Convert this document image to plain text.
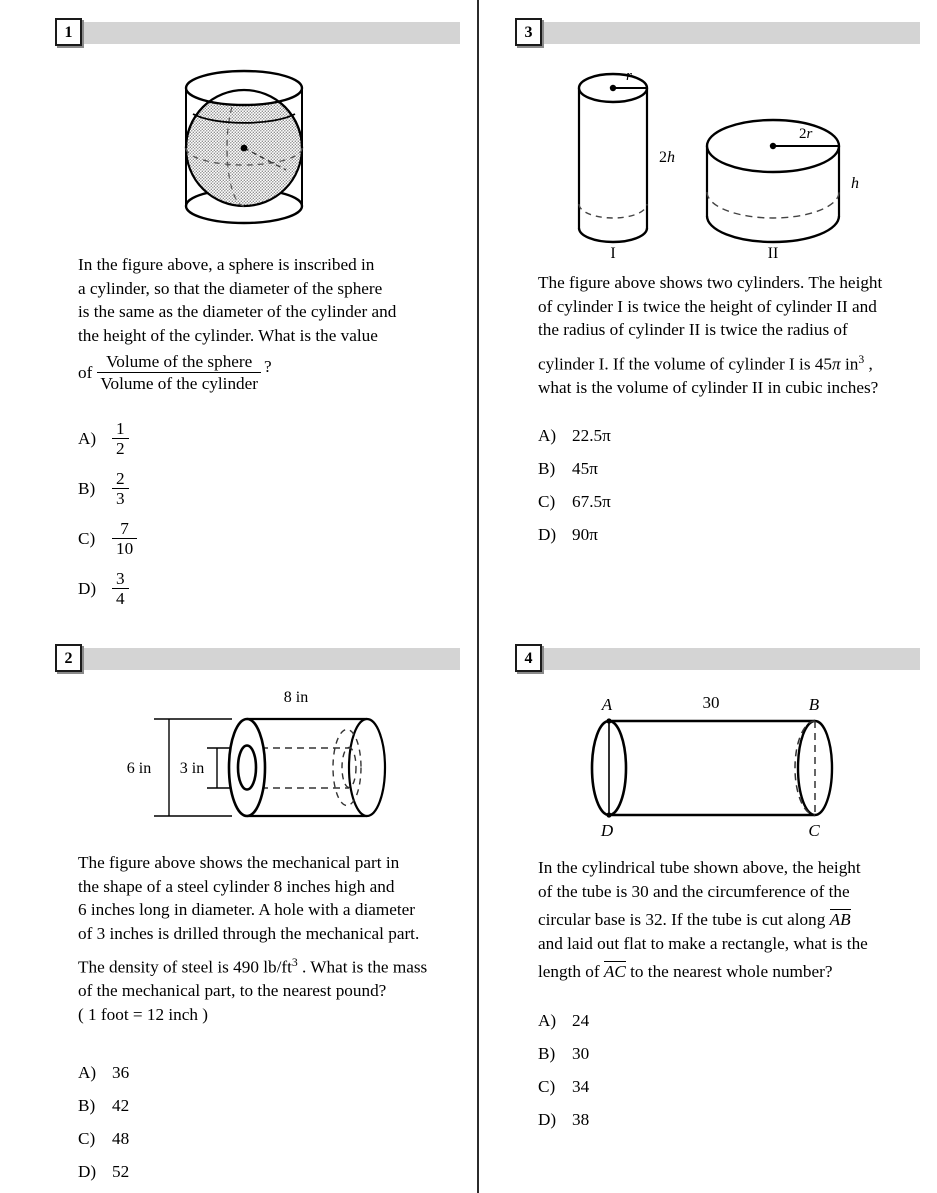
1

In the figure above, a sphere is inscribed in

a cylinder, so that the diameter of the sphere

is the same as the diameter of the cylinder and

the height of the cylinder. What is the value

of $\frac{\text{Volume of the sphere}}{\text{Volume of the cylinder}}$ ?
$A) \frac{1}{2}$
$B) \frac{2}{3}$
$C) \frac{7}{10}$
$D) \frac{3}{4}$
2
8 in
6 in 3 in

The figure above shows the mechanical part in

the shape of a steel cylinder 8 inches high and

6 inches long in diameter. A hole with a diameter

of 3 inches is drilled through the mechanical part.

The density of steel is 490 $lb/ft^3$ . What is the mass

of the mechanical part, to the nearest pound?

( 1 foot = 12 inch )

A) 36
B) 42
C) 48
D) 52
3
r
2h
I
2r
h
II

The figure above shows two cylinders. The height

of cylinder I is twice the height of cylinder II and

the radius of cylinder II is twice the radius of

cylinder I. If the volume of cylinder I is 45π $in^3$ ,

what is the volume of cylinder II in cubic inches?

A) 22.5π
B) 45π
C) 67.5π
D) 90π
4
A	B
D	C
30

In the cylindrical tube shown above, the height

of the tube is 30 and the circumference of the

circular base is 32. If the tube is cut along AB

and laid out flat to make a rectangle, what is the

length of AC to the nearest whole number?

A) 24
B) 30
C) 34
D) 38
